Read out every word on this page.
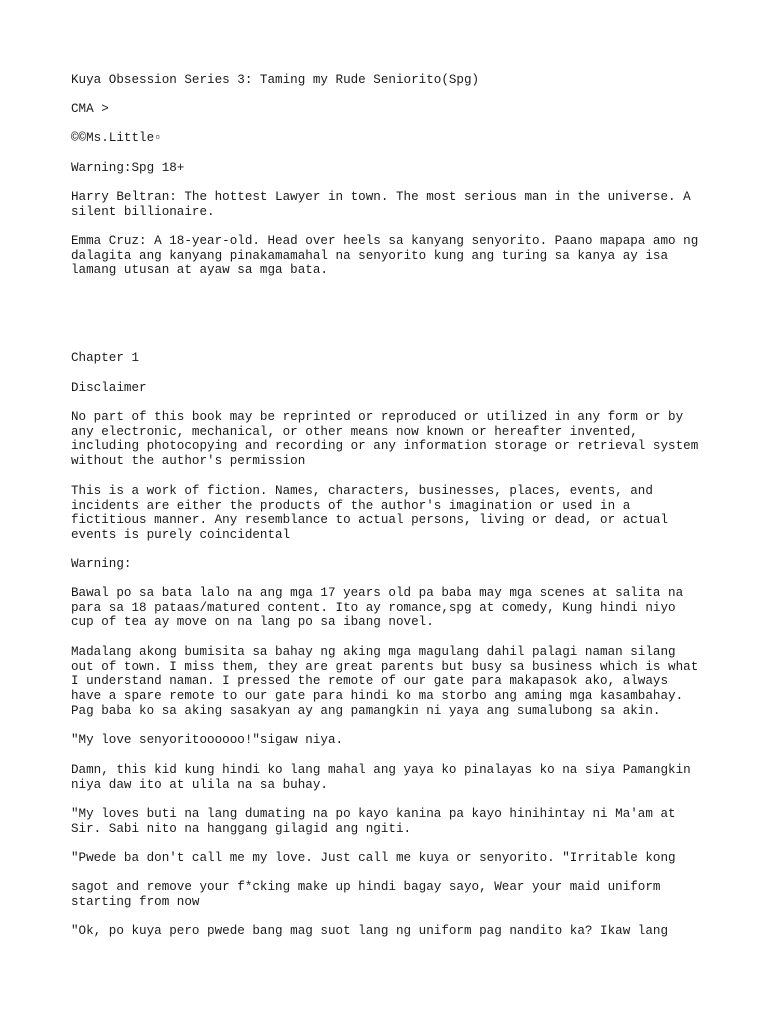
Kuya Obsession Series 3: Taming my Rude Seniorito(Spg)

CMA >

©©Ms.Little▫

Warning:Spg 18+

Harry Beltran: The hottest Lawyer in town. The most serious man in the universe. A
silent billionaire.

Emma Cruz: A 18-year-old. Head over heels sa kanyang senyorito. Paano mapapa amo ng
dalagita ang kanyang pinakamamahal na senyorito kung ang turing sa kanya ay isa
lamang utusan at ayaw sa mga bata.

Chapter 1

Disclaimer

No part of this book may be reprinted or reproduced or utilized in any form or by
any electronic, mechanical, or other means now known or hereafter invented,
including photocopying and recording or any information storage or retrieval system
without the author's permission

This is a work of fiction. Names, characters, businesses, places, events, and
incidents are either the products of the author's imagination or used in a
fictitious manner. Any resemblance to actual persons, living or dead, or actual
events is purely coincidental

Warning:

Bawal po sa bata lalo na ang mga 17 years old pa baba may mga scenes at salita na
para sa 18 pataas/matured content. Ito ay romance,spg at comedy, Kung hindi niyo
cup of tea ay move on na lang po sa ibang novel.

Madalang akong bumisita sa bahay ng aking mga magulang dahil palagi naman silang
out of town. I miss them, they are great parents but busy sa business which is what
I understand naman. I pressed the remote of our gate para makapasok ako, always
have a spare remote to our gate para hindi ko ma storbo ang aming mga kasambahay.
Pag baba ko sa aking sasakyan ay ang pamangkin ni yaya ang sumalubong sa akin.

"My love senyoritoooooo!"sigaw niya.

Damn, this kid kung hindi ko lang mahal ang yaya ko pinalayas ko na siya Pamangkin
niya daw ito at ulila na sa buhay.

"My loves buti na lang dumating na po kayo kanina pa kayo hinihintay ni Ma'am at
Sir. Sabi nito na hanggang gilagid ang ngiti.

"Pwede ba don't call me my love. Just call me kuya or senyorito. "Irritable kong

sagot and remove your f*cking make up hindi bagay sayo, Wear your maid uniform
starting from now

"Ok, po kuya pero pwede bang mag suot lang ng uniform pag nandito ka? Ikaw lang
